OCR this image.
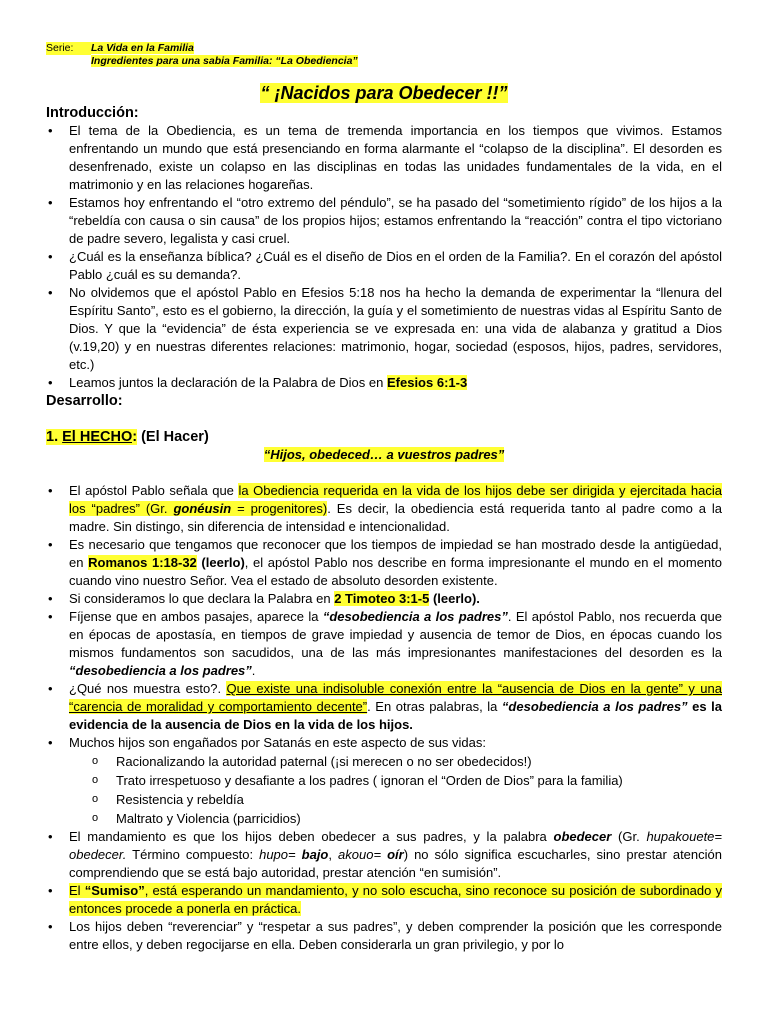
Serie: La Vida en la Familia
Ingredientes para una sabia Familia: “La Obediencia”
“ ¡Nacidos para Obedecer !!”
Introducción:
• El tema de la Obediencia, es un tema de tremenda importancia en los tiempos que vivimos. Estamos enfrentando un mundo que está presenciando en forma alarmante el “colapso de la disciplina”. El desorden es desenfrenado, existe un colapso en las disciplinas en todas las unidades fundamentales de la vida, en el matrimonio y en las relaciones hogareñas.
• Estamos hoy enfrentando el “otro extremo del péndulo”, se ha pasado del “sometimiento rígido” de los hijos a la “rebeldía con causa o sin causa” de los propios hijos; estamos enfrentando la “reacción” contra el tipo victoriano de padre severo, legalista y casi cruel.
• ¿Cuál es la enseñanza bíblica? ¿Cuál es el diseño de Dios en el orden de la Familia?. En el corazón del apóstol Pablo ¿cuál es su demanda?.
• No olvidemos que el apóstol Pablo en Efesios 5:18 nos ha hecho la demanda de experimentar la “llenura del Espíritu Santo”, esto es el gobierno, la dirección, la guía y el sometimiento de nuestras vidas al Espíritu Santo de Dios. Y que la “evidencia” de ésta experiencia se ve expresada en: una vida de alabanza y gratitud a Dios (v.19,20) y en nuestras diferentes relaciones: matrimonio, hogar, sociedad (esposos, hijos, padres, servidores, etc.)
• Leamos juntos la declaración de la Palabra de Dios en Efesios 6:1-3
Desarrollo:
1. El HECHO: (El Hacer)
“Hijos, obedeced… a vuestros padres”
• El apóstol Pablo señala que la Obediencia requerida en la vida de los hijos debe ser dirigida y ejercitada hacia los “padres” (Gr. gonéusin = progenitores). Es decir, la obediencia está requerida tanto al padre como a la madre. Sin distingo, sin diferencia de intensidad e intencionalidad.
• Es necesario que tengamos que reconocer que los tiempos de impiedad se han mostrado desde la antigüedad, en Romanos 1:18-32 (leerlo), el apóstol Pablo nos describe en forma impresionante el mundo en el momento cuando vino nuestro Señor. Vea el estado de absoluto desorden existente.
• Si consideramos lo que declara la Palabra en 2 Timoteo 3:1-5 (leerlo).
• Fíjense que en ambos pasajes, aparece la “desobediencia a los padres”. El apóstol Pablo, nos recuerda que en épocas de apostasía, en tiempos de grave impiedad y ausencia de temor de Dios, en épocas cuando los mismos fundamentos son sacudidos, una de las más impresionantes manifestaciones del desorden es la “desobediencia a los padres”.
• ¿Qué nos muestra esto?. Que existe una indisoluble conexión entre la “ausencia de Dios en la gente” y una “carencia de moralidad y comportamiento decente”. En otras palabras, la “desobediencia a los padres” es la evidencia de la ausencia de Dios en la vida de los hijos.
• Muchos hijos son engañados por Satanás en este aspecto de sus vidas:
o Racionalizando la autoridad paternal (¡si merecen o no ser obedecidos!)
o Trato irrespetuoso y desafiante a los padres ( ignoran el “Orden de Dios” para la familia)
o Resistencia y rebeldía
o Maltrato y Violencia (parricidios)
• El mandamiento es que los hijos deben obedecer a sus padres, y la palabra obedecer (Gr. hupakouete= obedecer. Término compuesto: hupo= bajo, akouo= oír) no sólo significa escucharles, sino prestar atención comprendiendo que se está bajo autoridad, prestar atención “en sumisión”.
• El “Sumiso”, está esperando un mandamiento, y no solo escucha, sino reconoce su posición de subordinado y entonces procede a ponerla en práctica.
• Los hijos deben “reverenciar” y “respetar a sus padres”, y deben comprender la posición que les corresponde entre ellos, y deben regocijarse en ella. Deben considerarla un gran privilegio, y por lo
